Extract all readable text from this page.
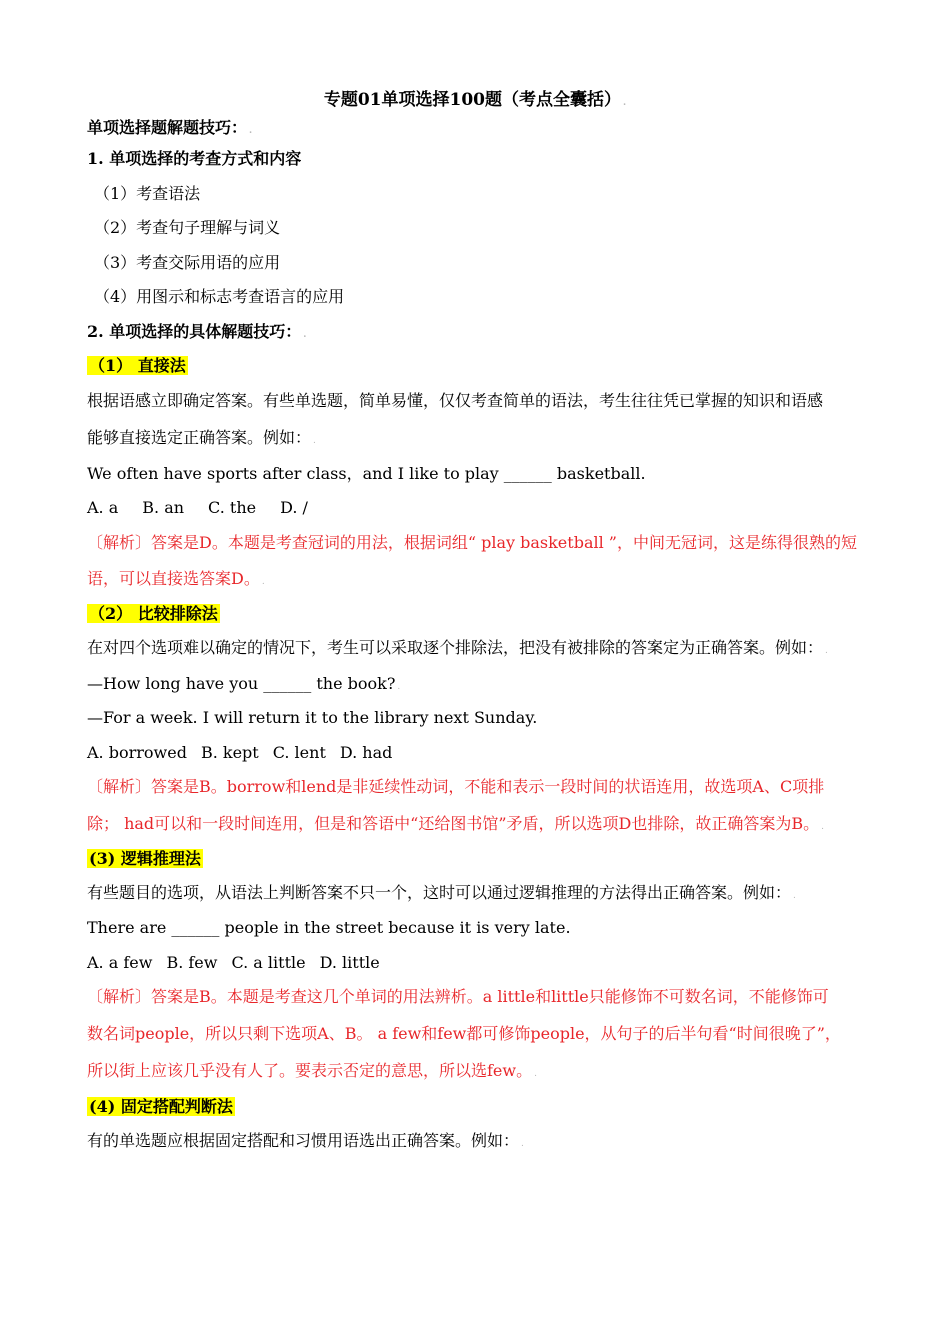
专题01单项选择100题（考点全囊括） .
单项选择题解题技巧： .
1. 单项选择的考查方式和内容
（1）考查语法
（2）考查句子理解与词义
（3）考查交际用语的应用
（4）用图示和标志考查语言的应用
2. 单项选择的具体解题技巧： .
（1） 直接法
根据语感立即确定答案。有些单选题，简单易懂，仅仅考查简单的语法，考生往往凭已掌握的知识和语感
能够直接选定正确答案。例如： .
We often have sports after class，and I like to play ______ basketball.
A. a B. an C. the D. /
〔解析〕答案是D。本题是考查冠词的用法，根据词组“ play basketball ”，中间无冠词，这是练得很熟的短
语，可以直接选答案D。 .
（2） 比较排除法
在对四个选项难以确定的情况下，考生可以采取逐个排除法，把没有被排除的答案定为正确答案。例如： .
—How long have you ______ the book? .
—For a week. I will return it to the library next Sunday.
A. borrowed B. kept C. lent D. had
〔解析〕答案是B。borrow和lend是非延续性动词，不能和表示一段时间的状语连用，故选项A、C项排
除； had可以和一段时间连用，但是和答语中“还给图书馆”矛盾，所以选项D也排除，故正确答案为B。 .
(3) 逻辑推理法
有些题目的选项，从语法上判断答案不只一个，这时可以通过逻辑推理的方法得出正确答案。例如： .
There are ______ people in the street because it is very late.
A. a few B. few C. a little D. little
〔解析〕答案是B。本题是考查这几个单词的用法辨析。a little和little只能修饰不可数名词，不能修饰可
数名词people，所以只剩下选项A、B。 a few和few都可修饰people，从句子的后半句看“时间很晚了”，
所以街上应该几乎没有人了。要表示否定的意思，所以选few。 .
(4) 固定搭配判断法
有的单选题应根据固定搭配和习惯用语选出正确答案。例如： .
